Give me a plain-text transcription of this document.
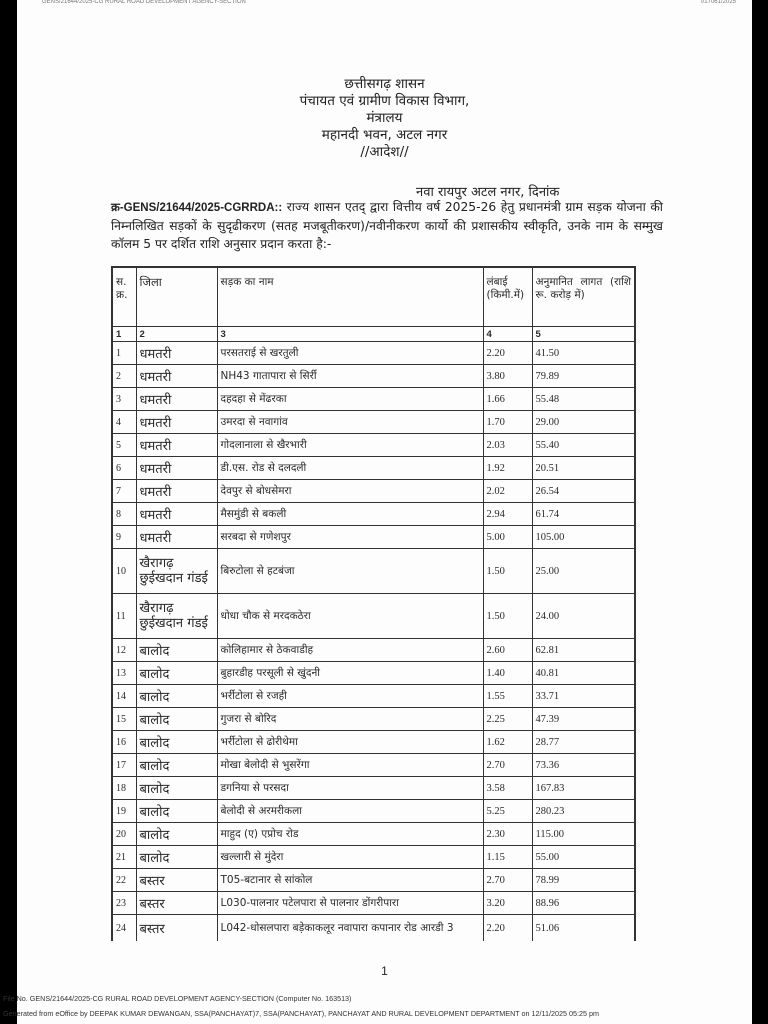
GENS/21644/2025-CG RURAL ROAD DEVELOPMENT AGENCY-SECTION	I/17061/2025
छत्तीसगढ़ शासन
पंचायत एवं ग्रामीण विकास विभाग,
मंत्रालय
महानदी भवन, अटल नगर
//आदेश//
नवा रायपुर अटल नगर, दिनांक
क्र-GENS/21644/2025-CGRRDA:: राज्य शासन एतद् द्वारा वित्तीय वर्ष 2025-26 हेतु प्रधानमंत्री ग्राम सड़क योजना की निम्नलिखित सड़कों के सुदृढीकरण (सतह मजबूतीकरण)/नवीनीकरण कार्यो की प्रशासकीय स्वीकृति, उनके नाम के सम्मुख कॉलम 5 पर दर्शित राशि अनुसार प्रदान करता है:-
स. क्र.	जिला	सड़क का नाम	लंबाई (किमी.में)	अनुमानित लागत (राशि रू. करोड़ में)
1	2	3	4	5
1	धमतरी	परसतराई से खरतुली	2.20	41.50
2	धमतरी	NH43 गातापारा से सिर्री	3.80	79.89
3	धमतरी	दहदहा से मेंढरका	1.66	55.48
4	धमतरी	उमरदा से नवागांव	1.70	29.00
5	धमतरी	गोदलानाला से खैरभारी	2.03	55.40
6	धमतरी	डी.एस. रोड से दलदली	1.92	20.51
7	धमतरी	देवपुर से बोधसेमरा	2.02	26.54
8	धमतरी	मैसमुंडी से बकली	2.94	61.74
9	धमतरी	सरबदा से गणेशपुर	5.00	105.00
10	खैरागढ़ छुईखदान गंडई	बिरुटोला से हटबंजा	1.50	25.00
11	खैरागढ़ छुईखदान गंडई	धोधा चौक से मरदकठेरा	1.50	24.00
12	बालोद	कोलिहामार से ठेकवाडीह	2.60	62.81
13	बालोद	बुहारडीह परसूली से खुंदनी	1.40	40.81
14	बालोद	भर्रीटोला से रजही	1.55	33.71
15	बालोद	गुजरा से बोरिद	2.25	47.39
16	बालोद	भर्रीटोला से ढोरीथेमा	1.62	28.77
17	बालोद	मोखा बेलोदी से भुसरेंगा	2.70	73.36
18	बालोद	डगनिया से परसदा	3.58	167.83
19	बालोद	बेलोदी से अरमरीकला	5.25	280.23
20	बालोद	माहुद (ए) एप्रोच रोड	2.30	115.00
21	बालोद	खल्लारी से मुंदेरा	1.15	55.00
22	बस्तर	T05-बटानार से सांकोल	2.70	78.99
23	बस्तर	L030-पालनार पटेलपारा से पालनार डोंगरीपारा	3.20	88.96
24	बस्तर	L042-धोसलपारा बड़ेकाकलूर नवापारा कपानार रोड आरडी 3	2.20	51.06
1
File No. GENS/21644/2025-CG RURAL ROAD DEVELOPMENT AGENCY-SECTION (Computer No. 163513)
Generated from eOffice by DEEPAK KUMAR DEWANGAN, SSA(PANCHAYAT)7, SSA(PANCHAYAT), PANCHAYAT AND RURAL DEVELOPMENT DEPARTMENT on 12/11/2025 05:25 pm
